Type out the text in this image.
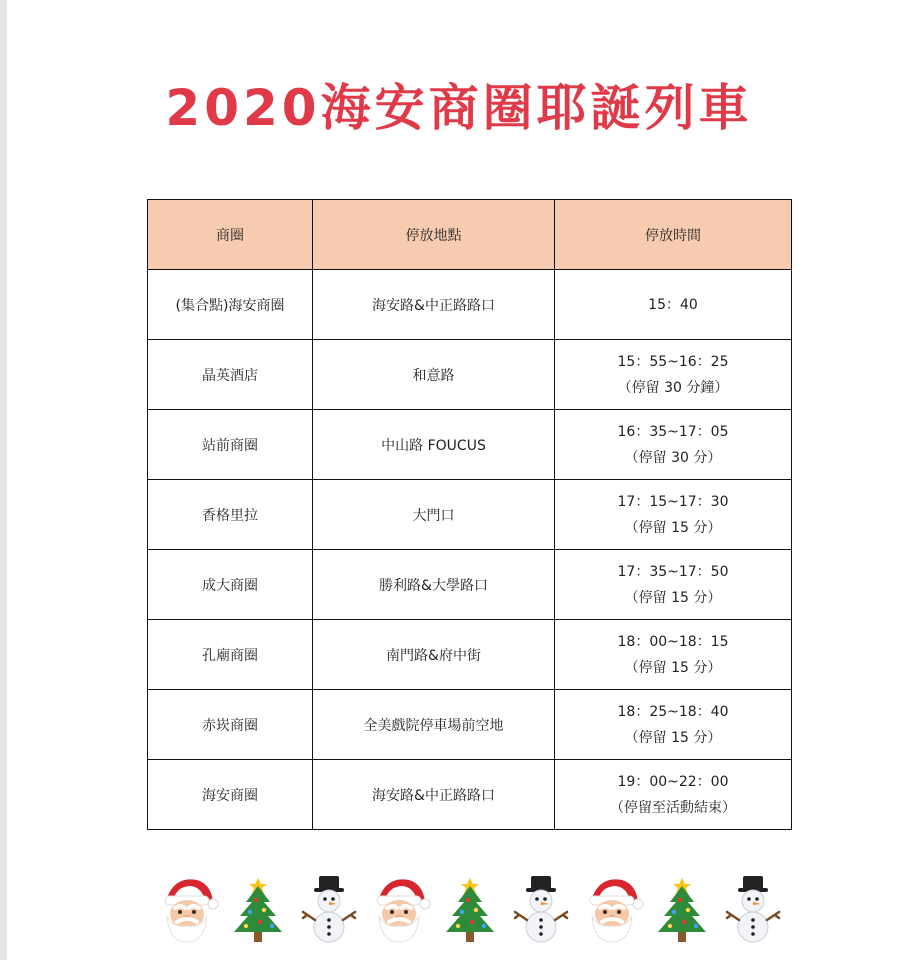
2020海安商圈耶誕列車
商圈	停放地點	停放時間
(集合點)海安商圈	海安路&中正路路口	15：40

晶英酒店	和意路	15：55~16：25
（停留 30 分鐘）

站前商圈	中山路 FOUCUS	16：35~17：05
（停留 30 分）

香格里拉	大門口	17：15~17：30
（停留 15 分）

成大商圈	勝利路&大學路口	17：35~17：50
（停留 15 分）

孔廟商圈	南門路&府中街	18：00~18：15
（停留 15 分）

赤崁商圈	全美戲院停車場前空地	18：25~18：40
（停留 15 分）

海安商圈	海安路&中正路路口	19：00~22：00
（停留至活動結束）
